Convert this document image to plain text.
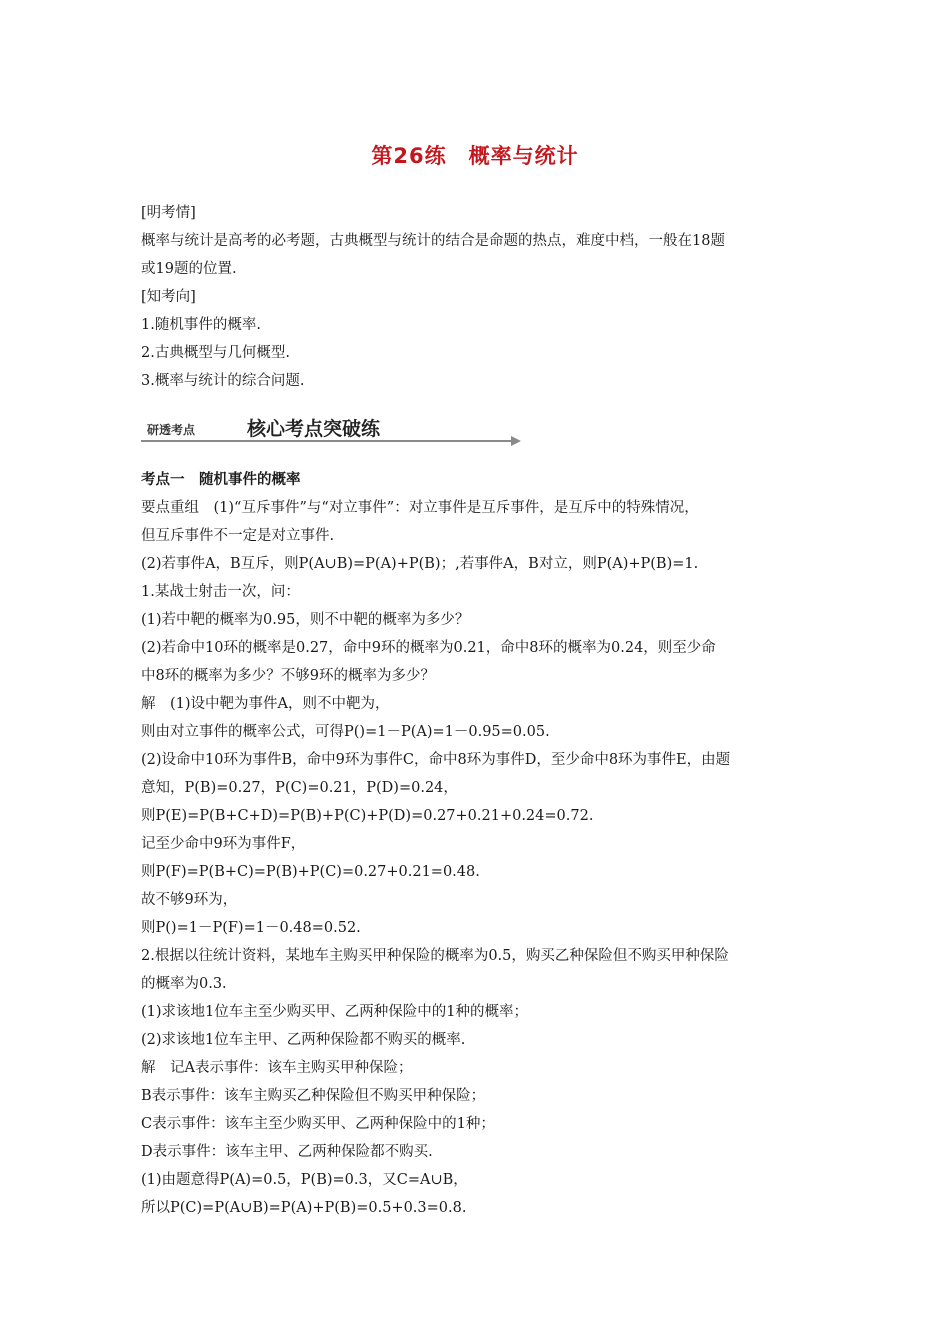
第26练　概率与统计
[明考情]
概率与统计是高考的必考题，古典概型与统计的结合是命题的热点，难度中档，一般在18题
或19题的位置.
[知考向]
1.随机事件的概率.
2.古典概型与几何概型.
3.概率与统计的综合问题.
研透考点	核心考点突破练
考点一　随机事件的概率
要点重组　(1)“互斥事件”与“对立事件”：对立事件是互斥事件，是互斥中的特殊情况，
但互斥事件不一定是对立事件.
(2)若事件A，B互斥，则P(A∪B)=P(A)+P(B)；,若事件A，B对立，则P(A)+P(B)=1.
1.某战士射击一次，问：
(1)若中靶的概率为0.95，则不中靶的概率为多少？
(2)若命中10环的概率是0.27，命中9环的概率为0.21，命中8环的概率为0.24，则至少命
中8环的概率为多少？不够9环的概率为多少？
解　(1)设中靶为事件A，则不中靶为，
则由对立事件的概率公式，可得P()=1－P(A)=1－0.95=0.05.
(2)设命中10环为事件B，命中9环为事件C，命中8环为事件D，至少命中8环为事件E，由题
意知，P(B)=0.27，P(C)=0.21，P(D)=0.24，
则P(E)=P(B+C+D)=P(B)+P(C)+P(D)=0.27+0.21+0.24=0.72.
记至少命中9环为事件F，
则P(F)=P(B+C)=P(B)+P(C)=0.27+0.21=0.48.
故不够9环为，
则P()=1－P(F)=1－0.48=0.52.
2.根据以往统计资料，某地车主购买甲种保险的概率为0.5，购买乙种保险但不购买甲种保险
的概率为0.3.
(1)求该地1位车主至少购买甲、乙两种保险中的1种的概率；
(2)求该地1位车主甲、乙两种保险都不购买的概率.
解　记A表示事件：该车主购买甲种保险；
B表示事件：该车主购买乙种保险但不购买甲种保险；
C表示事件：该车主至少购买甲、乙两种保险中的1种；
D表示事件：该车主甲、乙两种保险都不购买.
(1)由题意得P(A)=0.5，P(B)=0.3，又C=A∪B，
所以P(C)=P(A∪B)=P(A)+P(B)=0.5+0.3=0.8.
